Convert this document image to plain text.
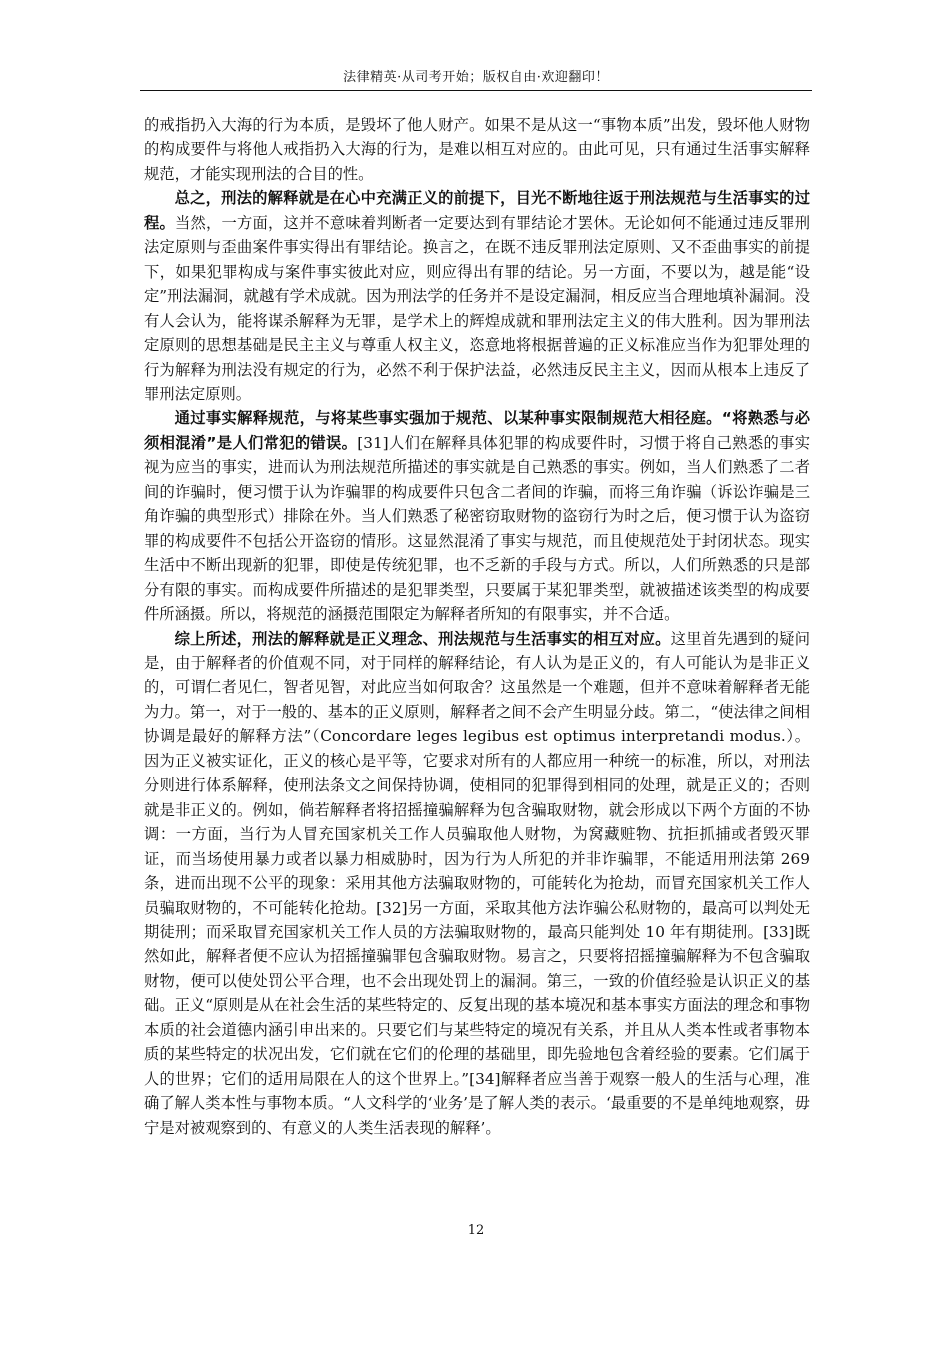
法律精英·从司考开始；版权自由·欢迎翻印！

的戒指扔入大海的行为本质，是毁坏了他人财产。如果不是从这一“事物本质”出发，毁坏他人财物的构成要件与将他人戒指扔入大海的行为，是难以相互对应的。由此可见，只有通过生活事实解释规范，才能实现刑法的合目的性。

总之，刑法的解释就是在心中充满正义的前提下，目光不断地往返于刑法规范与生活事实的过程。当然，一方面，这并不意味着判断者一定要达到有罪结论才罢休。无论如何不能通过违反罪刑法定原则与歪曲案件事实得出有罪结论。换言之，在既不违反罪刑法定原则、又不歪曲事实的前提下，如果犯罪构成与案件事实彼此对应，则应得出有罪的结论。另一方面，不要以为，越是能“设定”刑法漏洞，就越有学术成就。因为刑法学的任务并不是设定漏洞，相反应当合理地填补漏洞。没有人会认为，能将谋杀解释为无罪，是学术上的辉煌成就和罪刑法定主义的伟大胜利。因为罪刑法定原则的思想基础是民主主义与尊重人权主义，恣意地将根据普遍的正义标准应当作为犯罪处理的行为解释为刑法没有规定的行为，必然不利于保护法益，必然违反民主主义，因而从根本上违反了罪刑法定原则。

通过事实解释规范，与将某些事实强加于规范、以某种事实限制规范大相径庭。“将熟悉与必须相混淆”是人们常犯的错误。[31]人们在解释具体犯罪的构成要件时，习惯于将自己熟悉的事实视为应当的事实，进而认为刑法规范所描述的事实就是自己熟悉的事实。例如，当人们熟悉了二者间的诈骗时，便习惯于认为诈骗罪的构成要件只包含二者间的诈骗，而将三角诈骗（诉讼诈骗是三角诈骗的典型形式）排除在外。当人们熟悉了秘密窃取财物的盗窃行为时之后，便习惯于认为盗窃罪的构成要件不包括公开盗窃的情形。这显然混淆了事实与规范，而且使规范处于封闭状态。现实生活中不断出现新的犯罪，即使是传统犯罪，也不乏新的手段与方式。所以，人们所熟悉的只是部分有限的事实。而构成要件所描述的是犯罪类型，只要属于某犯罪类型，就被描述该类型的构成要件所涵摄。所以，将规范的涵摄范围限定为解释者所知的有限事实，并不合适。

综上所述，刑法的解释就是正义理念、刑法规范与生活事实的相互对应。这里首先遇到的疑问是，由于解释者的价值观不同，对于同样的解释结论，有人认为是正义的，有人可能认为是非正义的，可谓仁者见仁，智者见智，对此应当如何取舍？这虽然是一个难题，但并不意味着解释者无能为力。第一，对于一般的、基本的正义原则，解释者之间不会产生明显分歧。第二，“使法律之间相协调是最好的解释方法”（Concordare leges legibus est optimus interpretandi modus.）。因为正义被实证化，正义的核心是平等，它要求对所有的人都应用一种统一的标准，所以，对刑法分则进行体系解释，使刑法条文之间保持协调，使相同的犯罪得到相同的处理，就是正义的；否则就是非正义的。例如，倘若解释者将招摇撞骗解释为包含骗取财物，就会形成以下两个方面的不协调：一方面，当行为人冒充国家机关工作人员骗取他人财物，为窝藏赃物、抗拒抓捕或者毁灭罪证，而当场使用暴力或者以暴力相威胁时，因为行为人所犯的并非诈骗罪，不能适用刑法第 269 条，进而出现不公平的现象：采用其他方法骗取财物的，可能转化为抢劫，而冒充国家机关工作人员骗取财物的，不可能转化抢劫。[32]另一方面，采取其他方法诈骗公私财物的，最高可以判处无期徒刑；而采取冒充国家机关工作人员的方法骗取财物的，最高只能判处 10 年有期徒刑。[33]既然如此，解释者便不应认为招摇撞骗罪包含骗取财物。易言之，只要将招摇撞骗解释为不包含骗取财物，便可以使处罚公平合理，也不会出现处罚上的漏洞。第三，一致的价值经验是认识正义的基础。正义“原则是从在社会生活的某些特定的、反复出现的基本境况和基本事实方面法的理念和事物本质的社会道德内涵引申出来的。只要它们与某些特定的境况有关系，并且从人类本性或者事物本质的某些特定的状况出发，它们就在它们的伦理的基础里，即先验地包含着经验的要素。它们属于人的世界；它们的适用局限在人的这个世界上。”[34]解释者应当善于观察一般人的生活与心理，准确了解人类本性与事物本质。“人文科学的‘业务’是了解人类的表示。‘最重要的不是单纯地观察，毋宁是对被观察到的、有意义的人类生活表现的解释’。

12
